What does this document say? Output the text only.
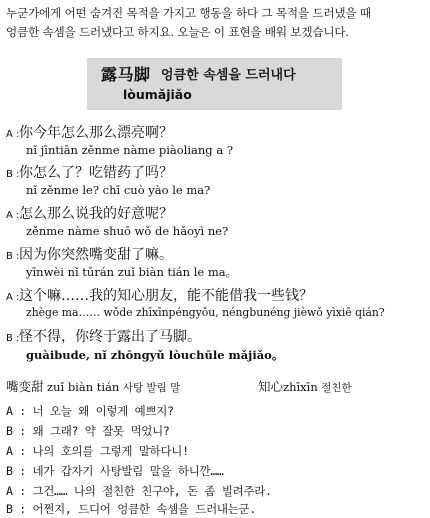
누군가에게 어떤 숨겨진 목적을 가지고 행동을 하다 그 목적을 드러냈을 때
엉큼한 속셈을 드러냈다고 하지요. 오늘은 이 표현을 배워 보겠습니다.
露马脚 엉큼한 속셈을 드러내다
lòumǎjiǎo
A :你今年怎么那么漂亮啊？
nǐ jīntiān zěnme nàme piàoliang a ?
B :你怎么了？吃错药了吗？
nǐ zěnme le? chī cuò yào le ma?
A :怎么那么说我的好意呢？
zěnme nàme shuō wǒ de hǎoyì ne?
B :因为你突然嘴变甜了嘛。
yīnwèi nǐ tūrán zuǐ biàn tián le ma。
A :这个嘛……我的知心朋友，能不能借我一些钱？
zhège ma…… wǒde zhīxīnpéngyǒu, néngbunéng jièwǒ yìxiē qián?
B :怪不得，你终于露出了马脚。
guàibude, nǐ zhōngyǔ lòuchūle mǎjiǎo。
嘴变甜 zuǐ biàn tián 사탕 발림 말	知心zhīxīn 절친한
A : 너 오늘 왜 이렇게 예쁘지?
B : 왜 그래? 약 잘못 먹었니?
A : 나의 호의를 그렇게 말하다니!
B : 네가 갑자기 사탕발림 말을 하니깐……
A : 그건…… 나의 절친한 친구야, 돈 좀 빌려주라.
B : 어쩐지, 드디어 엉큼한 속셈을 드러내는군.
